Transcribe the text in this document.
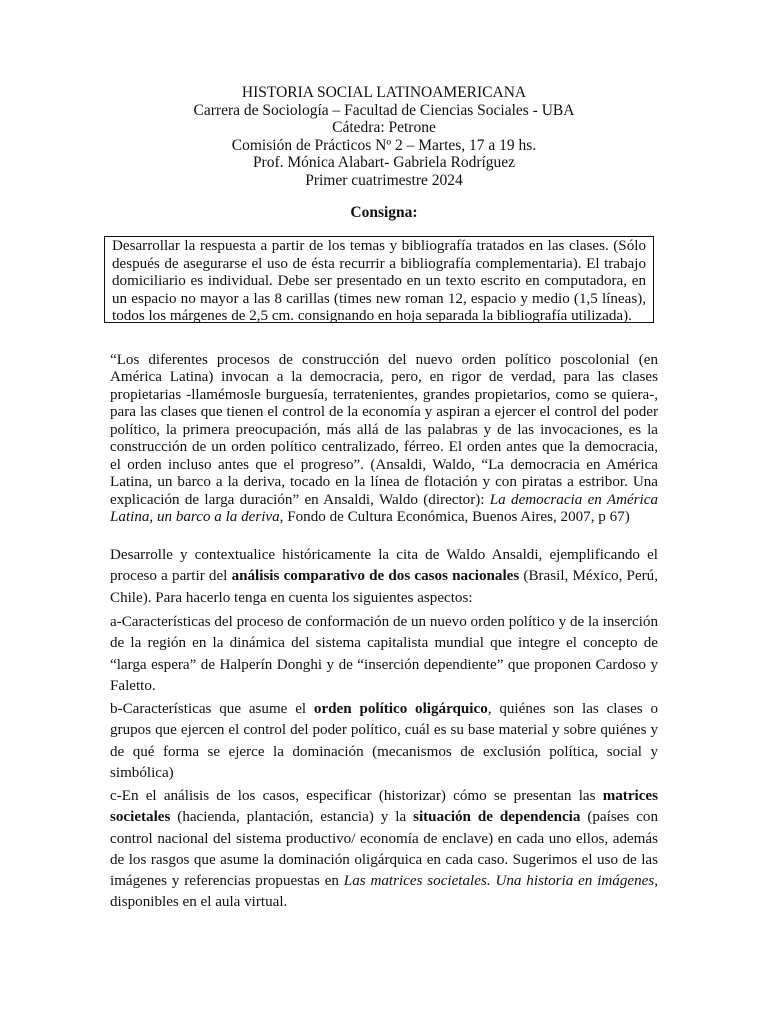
HISTORIA SOCIAL LATINOAMERICANA
Carrera de Sociología – Facultad de Ciencias Sociales - UBA
Cátedra: Petrone
Comisión de Prácticos Nº 2 – Martes, 17 a 19 hs.
Prof. Mónica Alabart- Gabriela Rodríguez
Primer cuatrimestre 2024
Consigna:
Desarrollar la respuesta a partir de los temas y bibliografía tratados en las clases. (Sólo después de asegurarse el uso de ésta recurrir a bibliografía complementaria). El trabajo domiciliario es individual. Debe ser presentado en un texto escrito en computadora, en un espacio no mayor a las 8 carillas (times new roman 12, espacio y medio (1,5 líneas), todos los márgenes de 2,5 cm. consignando en hoja separada la bibliografía utilizada).
“Los diferentes procesos de construcción del nuevo orden político poscolonial (en América Latina) invocan a la democracia, pero, en rigor de verdad, para las clases propietarias -llamémosle burguesía, terratenientes, grandes propietarios, como se quiera-, para las clases que tienen el control de la economía y aspiran a ejercer el control del poder político, la primera preocupación, más allá de las palabras y de las invocaciones, es la construcción de un orden político centralizado, férreo. El orden antes que la democracia, el orden incluso antes que el progreso”. (Ansaldi, Waldo, “La democracia en América Latina, un barco a la deriva, tocado en la línea de flotación y con piratas a estribor. Una explicación de larga duración” en Ansaldi, Waldo (director): La democracia en América Latina, un barco a la deriva, Fondo de Cultura Económica, Buenos Aires, 2007, p 67)
Desarrolle y contextualice históricamente la cita de Waldo Ansaldi, ejemplificando el proceso a partir del análisis comparativo de dos casos nacionales (Brasil, México, Perú, Chile). Para hacerlo tenga en cuenta los siguientes aspectos:
a-Características del proceso de conformación de un nuevo orden político y de la inserción de la región en la dinámica del sistema capitalista mundial que integre el concepto de “larga espera” de Halperín Donghi y de “inserción dependiente” que proponen Cardoso y Faletto.
b-Características que asume el orden político oligárquico, quiénes son las clases o grupos que ejercen el control del poder político, cuál es su base material y sobre quiénes y de qué forma se ejerce la dominación (mecanismos de exclusión política, social y simbólica)
c-En el análisis de los casos, especificar (historizar) cómo se presentan las matrices societales (hacienda, plantación, estancia) y la situación de dependencia (países con control nacional del sistema productivo/ economía de enclave) en cada uno ellos, además de los rasgos que asume la dominación oligárquica en cada caso. Sugerimos el uso de las imágenes y referencias propuestas en Las matrices societales. Una historia en imágenes, disponibles en el aula virtual.
